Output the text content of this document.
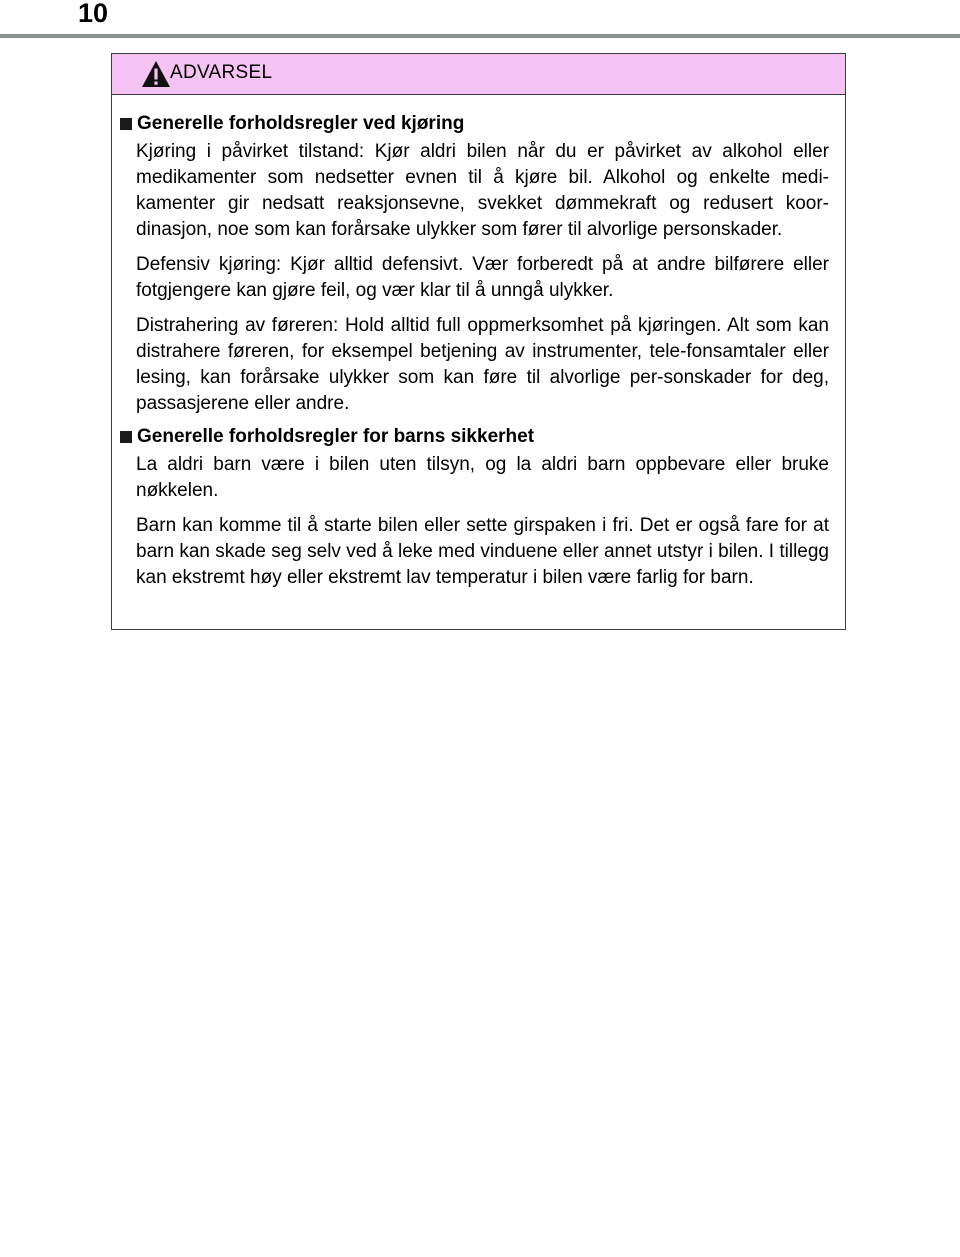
10
ADVARSEL
Generelle forholdsregler ved kjøring

Kjøring i påvirket tilstand: Kjør aldri bilen når du er påvirket av alkohol eller medikamenter som nedsetter evnen til å kjøre bil. Alkohol og enkelte medi-kamenter gir nedsatt reaksjonsevne, svekket dømmekraft og redusert koor-dinasjon, noe som kan forårsake ulykker som fører til alvorlige personskader.

Defensiv kjøring: Kjør alltid defensivt. Vær forberedt på at andre bilførere eller fotgjengere kan gjøre feil, og vær klar til å unngå ulykker.

Distrahering av føreren: Hold alltid full oppmerksomhet på kjøringen. Alt som kan distrahere føreren, for eksempel betjening av instrumenter, tele-fonsamtaler eller lesing, kan forårsake ulykker som kan føre til alvorlige per-sonskader for deg, passasjerene eller andre.

Generelle forholdsregler for barns sikkerhet

La aldri barn være i bilen uten tilsyn, og la aldri barn oppbevare eller bruke nøkkelen.

Barn kan komme til å starte bilen eller sette girspaken i fri. Det er også fare for at barn kan skade seg selv ved å leke med vinduene eller annet utstyr i bilen. I tillegg kan ekstremt høy eller ekstremt lav temperatur i bilen være farlig for barn.
